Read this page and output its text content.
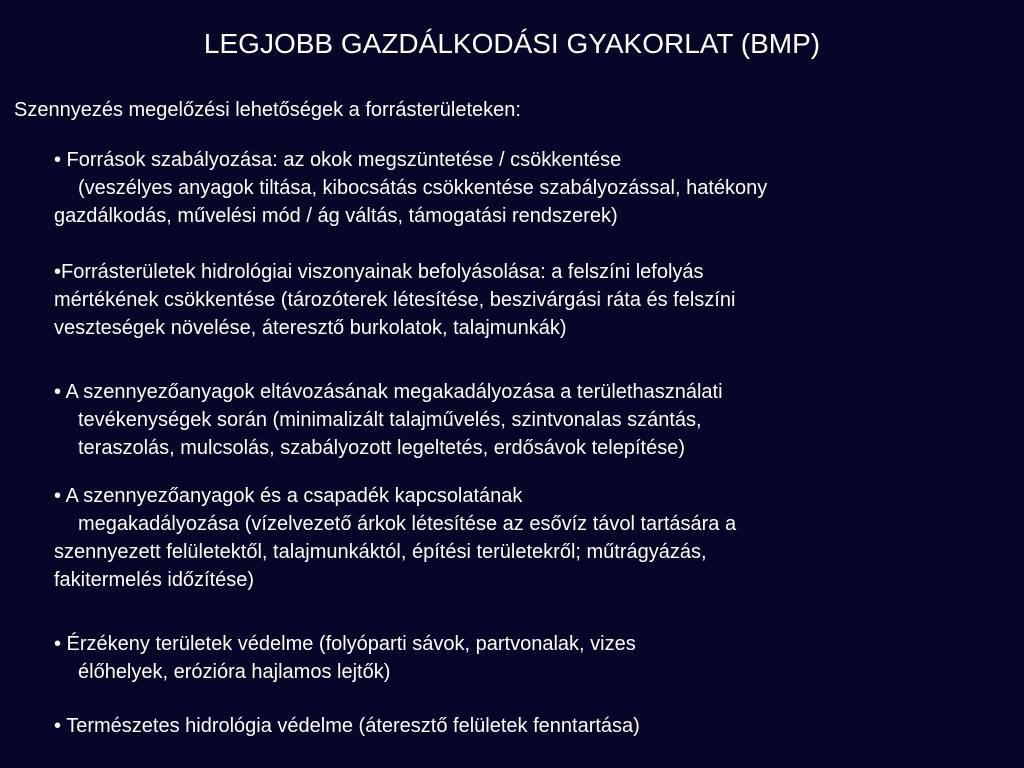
LEGJOBB GAZDÁLKODÁSI GYAKORLAT (BMP)
Szennyezés megelőzési lehetőségek a forrásterületeken:
• Források szabályozása: az okok megszüntetése / csökkentése
(veszélyes anyagok tiltása, kibocsátás csökkentése szabályozással, hatékony
gazdálkodás, művelési mód / ág váltás, támogatási rendszerek)
•Forrásterületek hidrológiai viszonyainak befolyásolása: a felszíni lefolyás
mértékének csökkentése (tározóterek létesítése, beszivárgási ráta és felszíni
veszteségek növelése, áteresztő burkolatok, talajmunkák)
• A szennyezőanyagok eltávozásának megakadályozása a területhasználati
tevékenységek során (minimalizált talajművelés, szintvonalas szántás,
teraszolás, mulcsolás, szabályozott legeltetés, erdősávok telepítése)
• A szennyezőanyagok és a csapadék kapcsolatának
megakadályozása (vízelvezető árkok létesítése az esővíz távol tartására a
szennyezett felületektől, talajmunkáktól, építési területekről; műtrágyázás,
fakitermelés időzítése)
• Érzékeny területek védelme (folyóparti sávok, partvonalak, vizes
élőhelyek, erózióra hajlamos lejtők)
• Természetes hidrológia védelme (áteresztő felületek fenntartása)
